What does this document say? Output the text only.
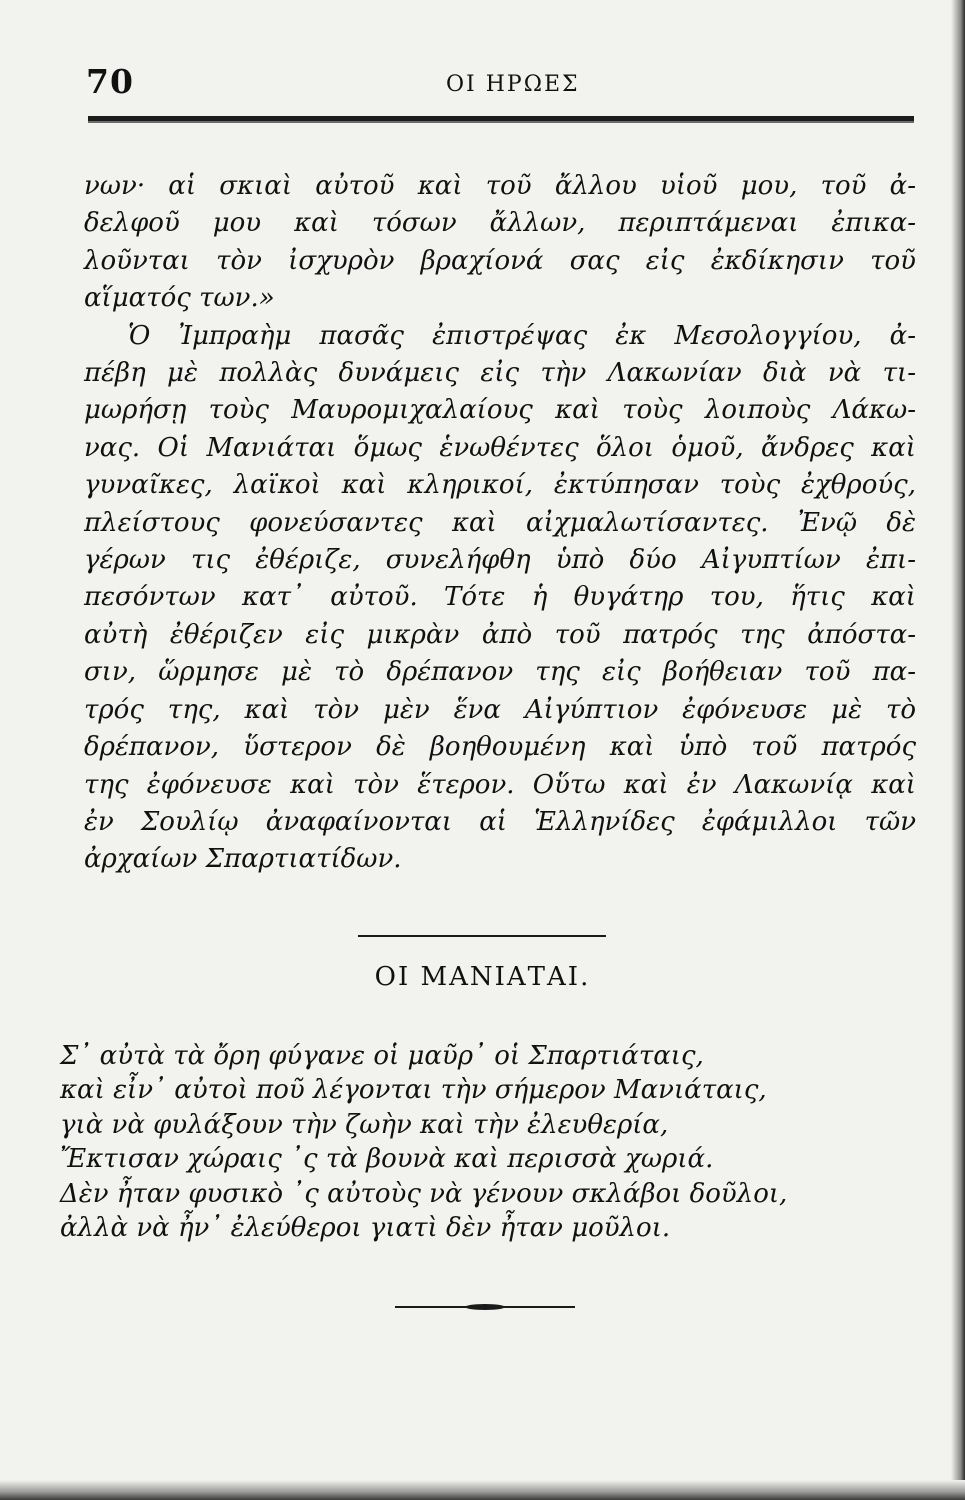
70	ΟΙ ΗΡΩΕΣ
νων· αἱ σκιαὶ αὐτοῦ καὶ τοῦ ἄλλου υἱοῦ μου, τοῦ ἀ-
δελφοῦ μου καὶ τόσων ἄλλων, περιπτάμεναι ἐπικα-
λοῦνται τὸν ἰσχυρὸν βραχίονά σας εἰς ἐκδίκησιν τοῦ
αἵματός των.»
Ὁ Ἰμπραὴμ πασᾶς ἐπιστρέψας ἐκ Μεσολογγίου, ἀ-
πέβη μὲ πολλὰς δυνάμεις εἰς τὴν Λακωνίαν διὰ νὰ τι-
μωρήσῃ τοὺς Μαυρομιχαλαίους καὶ τοὺς λοιποὺς Λάκω-
νας. Οἱ Μανιάται ὅμως ἑνωθέντες ὅλοι ὁμοῦ, ἄνδρες καὶ
γυναῖκες, λαϊκοὶ καὶ κληρικοί, ἐκτύπησαν τοὺς ἐχθρούς,
πλείστους φονεύσαντες καὶ αἰχμαλωτίσαντες. Ἐνῷ δὲ
γέρων τις ἐθέριζε, συνελήφθη ὑπὸ δύο Αἰγυπτίων ἐπι-
πεσόντων κατ᾽ αὐτοῦ. Τότε ἡ θυγάτηρ του, ἥτις καὶ
αὐτὴ ἐθέριζεν εἰς μικρὰν ἀπὸ τοῦ πατρός της ἀπόστα-
σιν, ὥρμησε μὲ τὸ δρέπανον της εἰς βοήθειαν τοῦ πα-
τρός της, καὶ τὸν μὲν ἕνα Αἰγύπτιον ἐφόνευσε μὲ τὸ
δρέπανον, ὕστερον δὲ βοηθουμένη καὶ ὑπὸ τοῦ πατρός
της ἐφόνευσε καὶ τὸν ἕτερον. Οὕτω καὶ ἐν Λακωνίᾳ καὶ
ἐν Σουλίῳ ἀναφαίνονται αἱ Ἑλληνίδες ἐφάμιλλοι τῶν
ἀρχαίων Σπαρτιατίδων.
ΟΙ ΜΑΝΙΑΤΑΙ.
Σ᾽ αὐτὰ τὰ ὄρη φύγανε οἱ μαῦρ᾽ οἱ Σπαρτιάταις,
καὶ εἶν᾽ αὐτοὶ ποῦ λέγονται τὴν σήμερον Μανιάταις,
γιὰ νὰ φυλάξουν τὴν ζωὴν καὶ τὴν ἐλευθερία,
Ἔκτισαν χώραις ᾽ς τὰ βουνὰ καὶ περισσὰ χωριά.
Δὲν ἦταν φυσικὸ ᾽ς αὐτοὺς νὰ γένουν σκλάβοι δοῦλοι,
ἀλλὰ νὰ ἦν᾽ ἐλεύθεροι γιατὶ δὲν ἦταν μοῦλοι.
